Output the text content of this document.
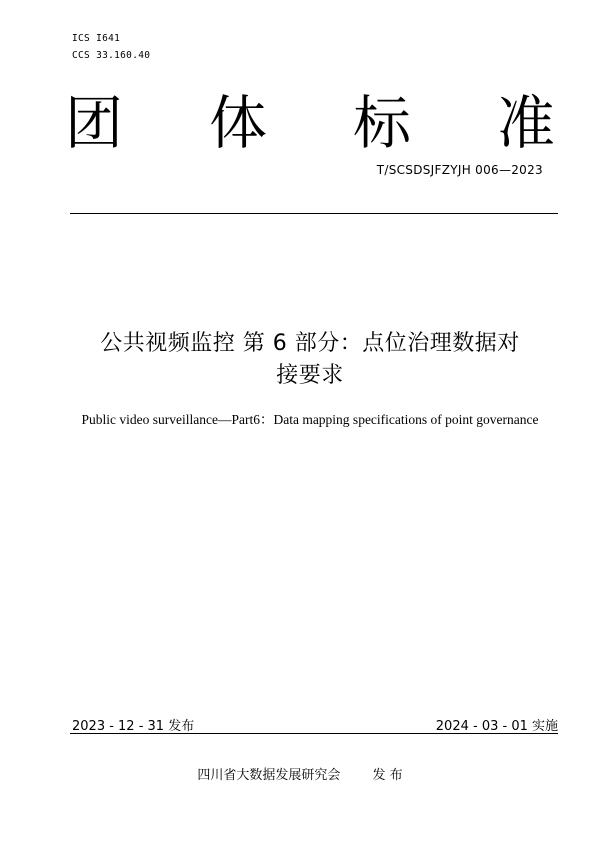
ICS I641
CCS 33.160.40
团 体 标 准
T/SCSDSJFZYJH 006—2023
公共视频监控 第 6 部分：点位治理数据对
接要求
Public video surveillance—Part6：Data mapping specifications of point governance
2023 - 12 - 31 发布	2024 - 03 - 01 实施
四川省大数据发展研究会 发 布
